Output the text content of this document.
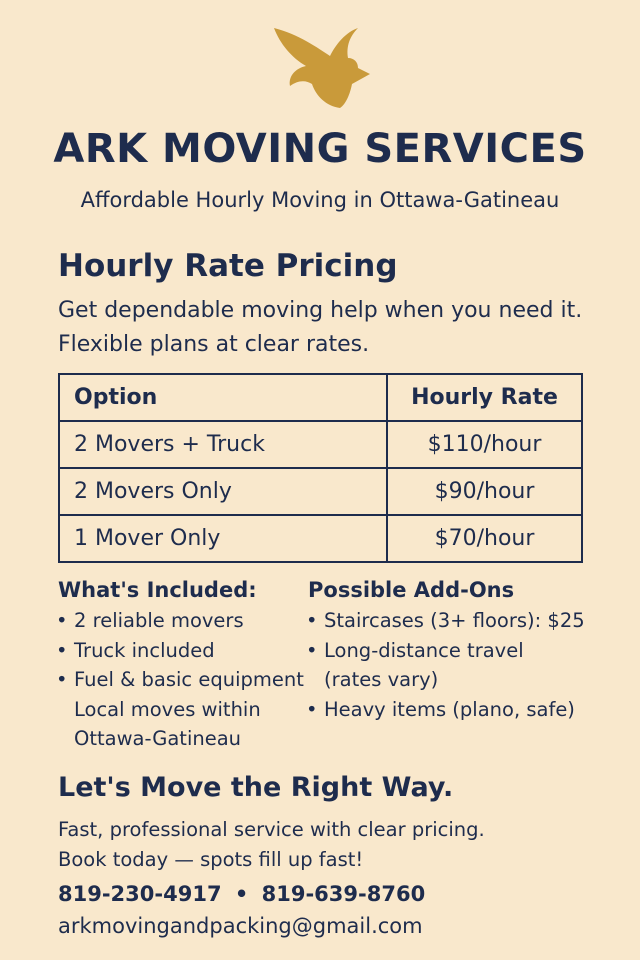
ARK MOVING SERVICES
Affordable Hourly Moving in Ottawa-Gatineau
Hourly Rate Pricing
Get dependable moving help when you need it.
Flexible plans at clear rates.
Option	Hourly Rate
2 Movers + Truck	$110/hour
2 Movers Only	$90/hour
1 Mover Only	$70/hour
What's Included:
• 2 reliable movers
• Truck included
• Fuel & basic equipment
Local moves within
Ottawa-Gatineau
Possible Add-Ons
• Staircases (3+ floors): $25
• Long-distance travel
(rates vary)
• Heavy items (plano, safe)
Let's Move the Right Way.
Fast, professional service with clear pricing.
Book today — spots fill up fast!
819-230-4917 • 819-639-8760
arkmovingandpacking@gmail.com
